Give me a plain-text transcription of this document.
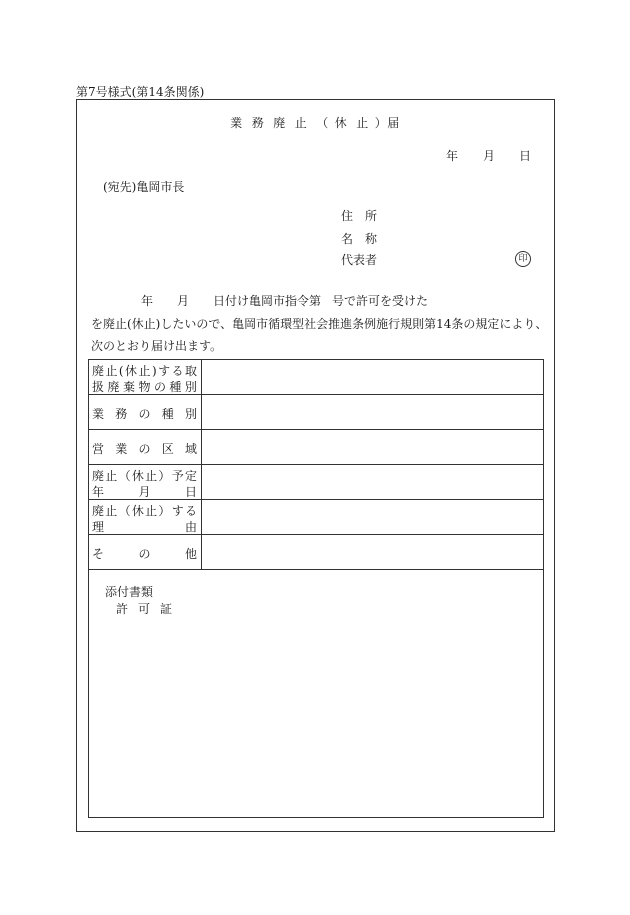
第7号様式(第14条関係)
業 務 廃 止 （ 休 止 ）届
年 月 日
(宛先)亀岡市長
住 所
名 称
代表者	印
年 月 日付け亀岡市指令第 号で許可を受けた
を廃止(休止)したいので、亀岡市循環型社会推進条例施行規則第14条の規定により、
次のとおり届け出ます。
廃 止 ( 休 止 ) す る 取
扱 廃 棄 物 の 種 別
業 務 の 種 別
営 業 の 区 域
廃 止 （ 休 止 ） 予 定
年	月	日
廃 止 （ 休 止 ） す る
理	由
そ	の	他
添付書類
許 可 証
